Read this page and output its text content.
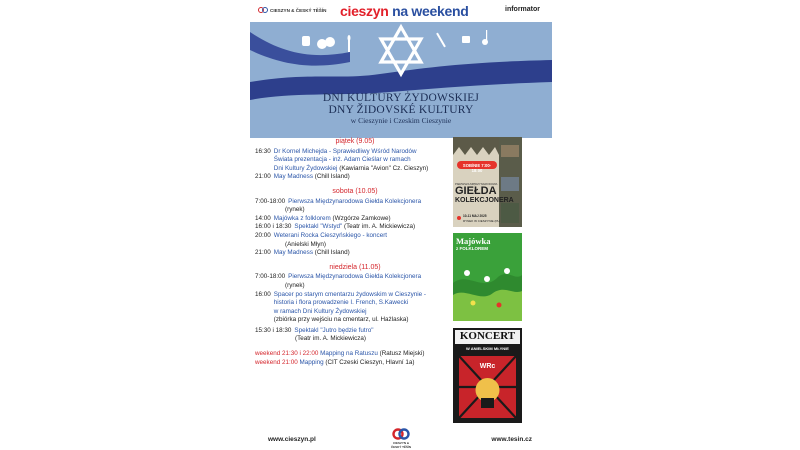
CIESZYN & ČESKÝ TĚŠÍN cieszyn na weekend	informator
DNI KULTURY ŻYDOWSKIEJ
DNY ŽIDOVSKÉ KULTURY
w Cieszynie i Czeskim Cieszynie
piątek (9.05)
16:30 Dr Kornel Michejda - Sprawiedliwy Wśród Narodów
Świata prezentacja - inż. Adam Cieślar w ramach
Dni Kultury Żydowskiej (Kawiarnia "Avion" Cz. Cieszyn)
21:00 May Madness (Chill Island)
sobota (10.05)
7:00-18:00 Pierwsza Międzynarodowa Giełda Kolekcjonera
(rynek)
14:00 Majówka z folklorem (Wzgórze Zamkowe)
16:00 i 18:30 Spektakl "Wstyd" (Teatr im. A. Mickiewicza)
20:00 Weterani Rocka Cieszyńskiego - koncert
(Anielski Młyn)
21:00 May Madness (Chill Island)
niedziela (11.05)
7:00-18:00 Pierwsza Międzynarodowa Giełda Kolekcjonera
(rynek)
16:00 Spacer po starym cmentarzu żydowskim w Cieszynie -
historia i flora prowadzenie I. French, S.Kawecki
w ramach Dni Kultury Żydowskiej
(zbiórka przy wejściu na cmentarz, ul. Hażlaska)
15:30 i 18:30 Spektakl "Jutro będzie futro"
(Teatr im. A. Mickiewicza)
weekend 21:30 i 22:00 Mapping na Ratuszu (Ratusz Miejski)
weekend 21:00 Mapping (CIT Czeski Cieszyn, Hlavní 1a)
www.cieszyn.pl	CIESZYN & ČESKÝ TĚŠÍN
www.tesin.cz
SOB/NIE 7:00-18:00
PIERWSZA MIĘDZYNARODOWA
GIEŁDA
KOLEKCJONERA
10-11 MAJ 2025
RYNEK W CIESZYNIE (PL)
Majówka
z FOLKLOREM
KONCERT
W ANIELSKIM MŁYNIE
WRc
